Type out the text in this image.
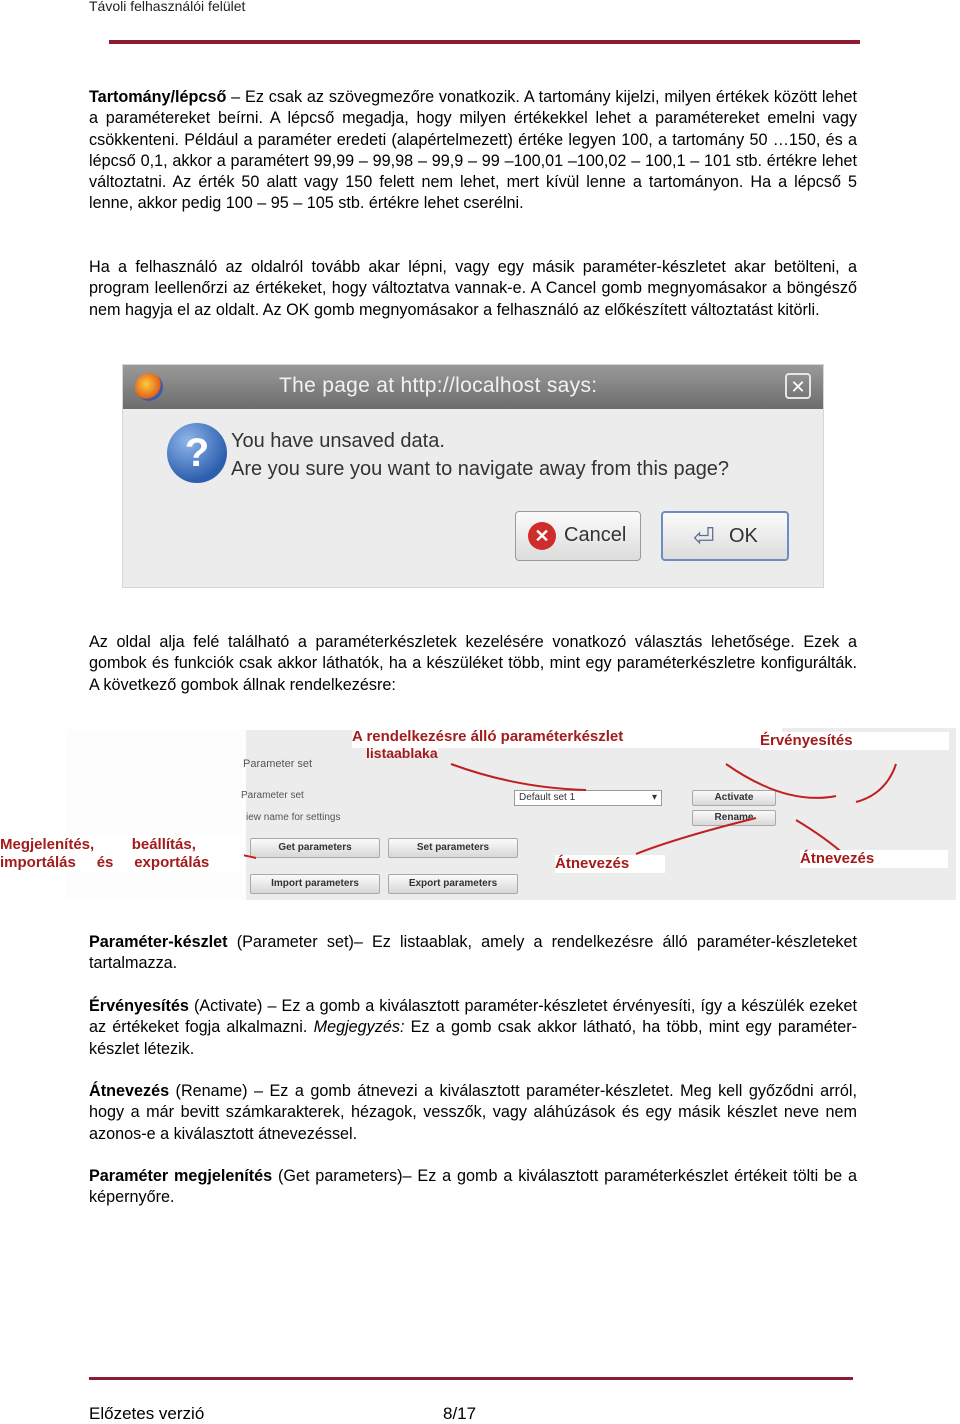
Távoli felhasználói felület
Tartomány/lépcső – Ez csak az szövegmezőre vonatkozik. A tartomány kijelzi, milyen értékek között lehet a paramétereket beírni. A lépcső megadja, hogy milyen értékekkel lehet a paramétereket emelni vagy csökkenteni. Például a paraméter eredeti (alapértelmezett) értéke legyen 100, a tartomány 50 …150, és a lépcső 0,1, akkor a paramétert 99,99 – 99,98 – 99,9 – 99 –100,01 –100,02 – 100,1 – 101 stb. értékre lehet változtatni. Az érték 50 alatt vagy 150 felett nem lehet, mert kívül lenne a tartományon. Ha a lépcső 5 lenne, akkor pedig 100 – 95 – 105 stb. értékre lehet cserélni.
Ha a felhasználó az oldalról tovább akar lépni, vagy egy másik paraméter-készletet akar betölteni, a program leellenőrzi az értékeket, hogy változtatva vannak-e. A Cancel gomb megnyomásakor a böngésző nem hagyja el az oldalt. Az OK gomb megnyomásakor a felhasználó az előkészített változtatást kitörli.
The page at http://localhost says:	✕
?	You have unsaved data.
Are you sure you want to navigate away from this page?
✕ Cancel	⏎ OK
Az oldal alja felé található a paraméterkészletek kezelésére vonatkozó választás lehetősége. Ezek a gombok és funkciók csak akkor láthatók, ha a készüléket több, mint egy paraméterkészletre konfigurálták. A következő gombok állnak rendelkezésre:
Parameter set
Parameter set
iew name for settings
Default set 1	▾	Activate
Rename
Get parameters	Set parameters
Import parameters	Export parameters
A rendelkezésre álló paraméterkészlet	Érvényesítés
Megjelenítés,         beállítás,
importálás     és     exportálás	Átnevezés	Átnevezés
Paraméter-készlet (Parameter set)– Ez listaablak, amely a rendelkezésre álló paraméter-készleteket tartalmazza.
Érvényesítés (Activate) – Ez a gomb a kiválasztott paraméter-készletet érvényesíti, így a készülék ezeket az értékeket fogja alkalmazni. Megjegyzés: Ez a gomb csak akkor látható, ha több, mint egy paraméter-készlet létezik.
Átnevezés (Rename) – Ez a gomb átnevezi a kiválasztott paraméter-készletet. Meg kell győződni arról, hogy a már bevitt számkarakterek, hézagok, vesszők, vagy aláhúzások és egy másik készlet neve nem azonos-e a kiválasztott átnevezéssel.
Paraméter megjelenítés (Get parameters)– Ez a gomb a kiválasztott paraméterkészlet értékeit tölti be a képernyőre.
Előzetes verzió	8/17
